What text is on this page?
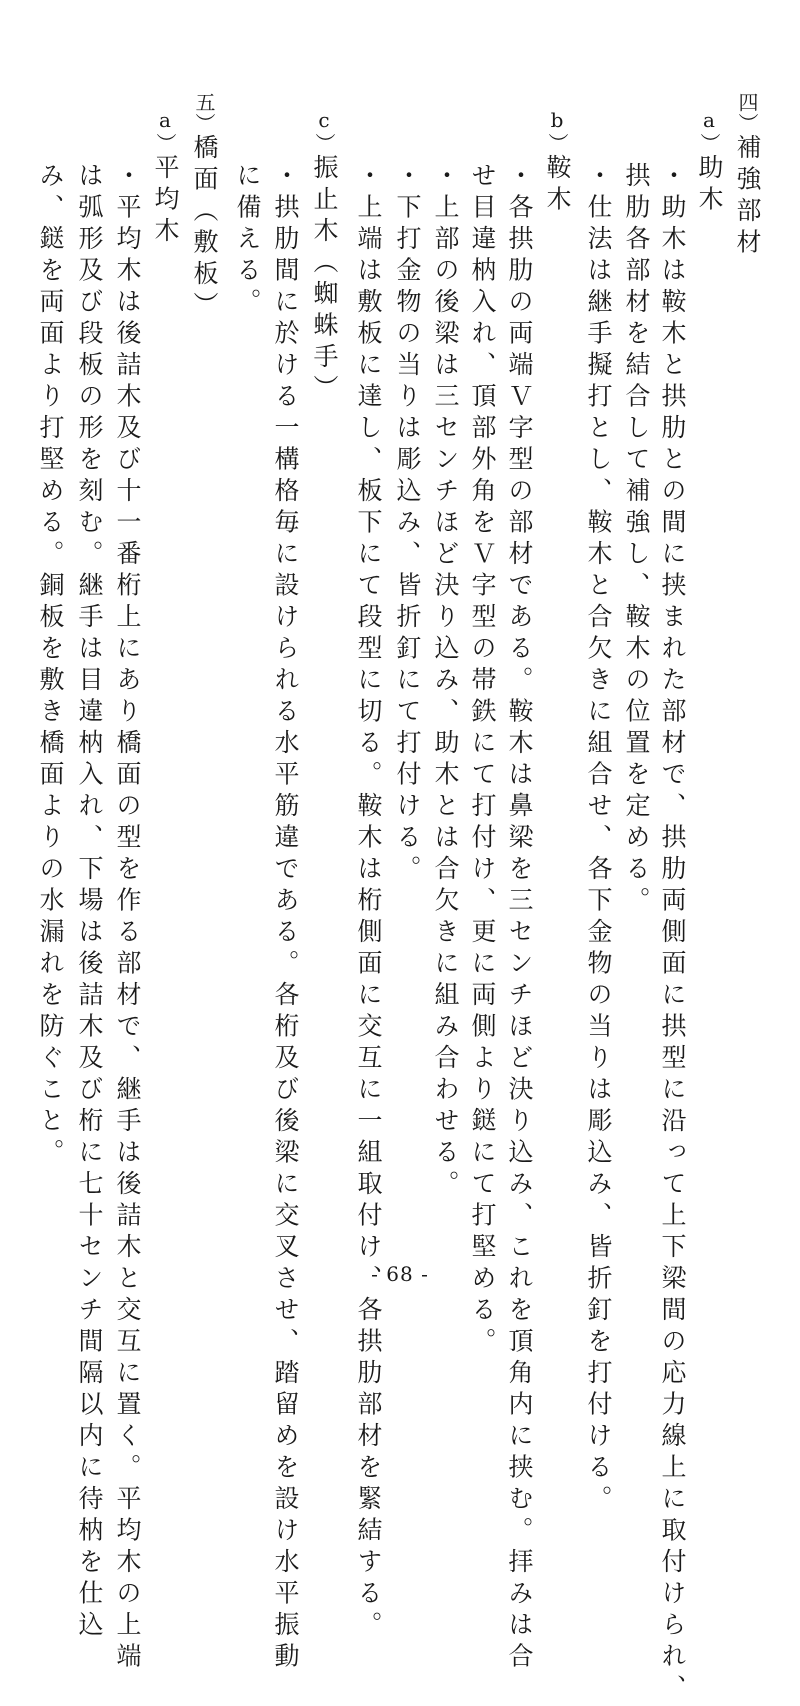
四）補強部材
a）助木
・助木は鞍木と拱肋との間に挟まれた部材で、拱肋両側面に拱型に沿って上下梁間の応力線上に取付けられ、
拱肋各部材を結合して補強し、鞍木の位置を定める。
・仕法は継手擬打とし、鞍木と合欠きに組合せ、各下金物の当りは彫込み、皆折釘を打付ける。
b）鞍木
・各拱肋の両端Ｖ字型の部材である。鞍木は鼻梁を三センチほど決り込み、これを頂角内に挟む。拝みは合
せ目違枘入れ、頂部外角をＶ字型の帯鉄にて打付け、更に両側より鎹にて打堅める。
・上部の後梁は三センチほど決り込み、助木とは合欠きに組み合わせる。
・下打金物の当りは彫込み、皆折釘にて打付ける。
・上端は敷板に達し、板下にて段型に切る。鞍木は桁側面に交互に一組取付け、各拱肋部材を緊結する。
c）振止木（蜘蛛手）
・拱肋間に於ける一構格毎に設けられる水平筋違である。各桁及び後梁に交叉させ、踏留めを設け水平振動
に備える。
五）橋面（敷板）
a）平均木
・平均木は後詰木及び十一番桁上にあり橋面の型を作る部材で、継手は後詰木と交互に置く。平均木の上端
は弧形及び段板の形を刻む。継手は目違枘入れ、下場は後詰木及び桁に七十センチ間隔以内に待枘を仕込
み、鎹を両面より打堅める。銅板を敷き橋面よりの水漏れを防ぐこと。
- 68 -
